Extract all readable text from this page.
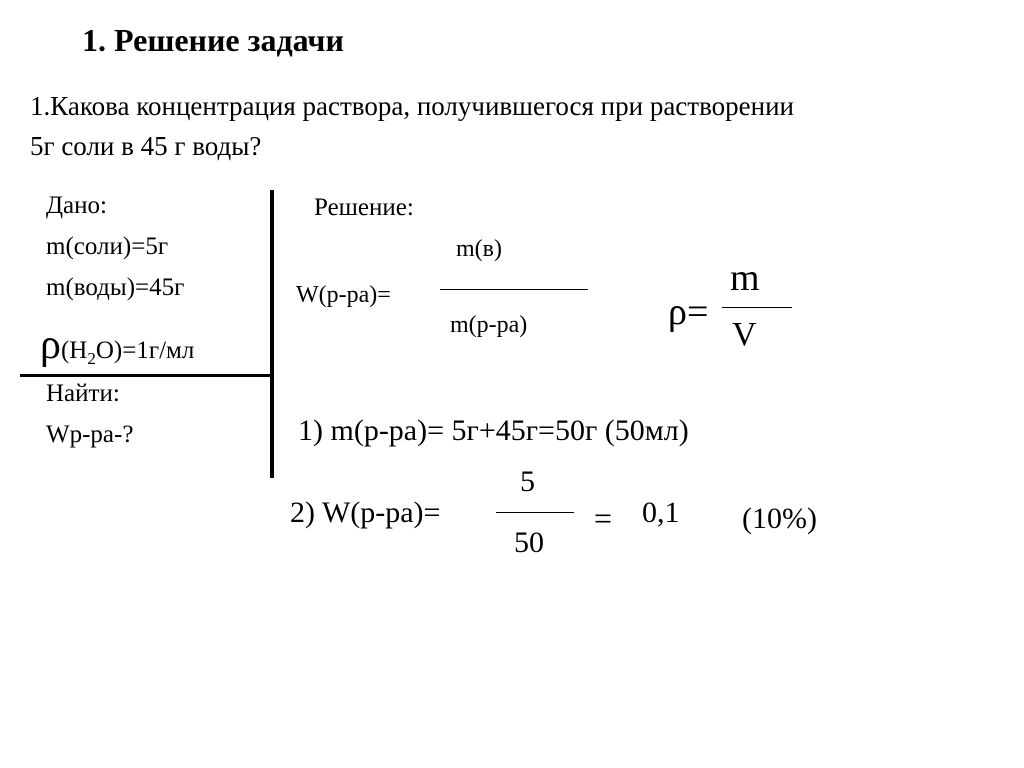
1. Решение задачи
1.Какова концентрация раствора, получившегося при растворении 5г соли в 45 г воды?
Дано:
m(соли)=5г
m(воды)=45г
$\rho(H_2O)=1г/мл$
Найти:
Wр-ра-?
Решение:
m(в)
W(р-ра)=
m(р-ра)
m
ρ=
V
1) m(р-ра)= 5г+45г=50г (50мл)
5
2) W(р-ра)=
50
= 0,1 (10%)
